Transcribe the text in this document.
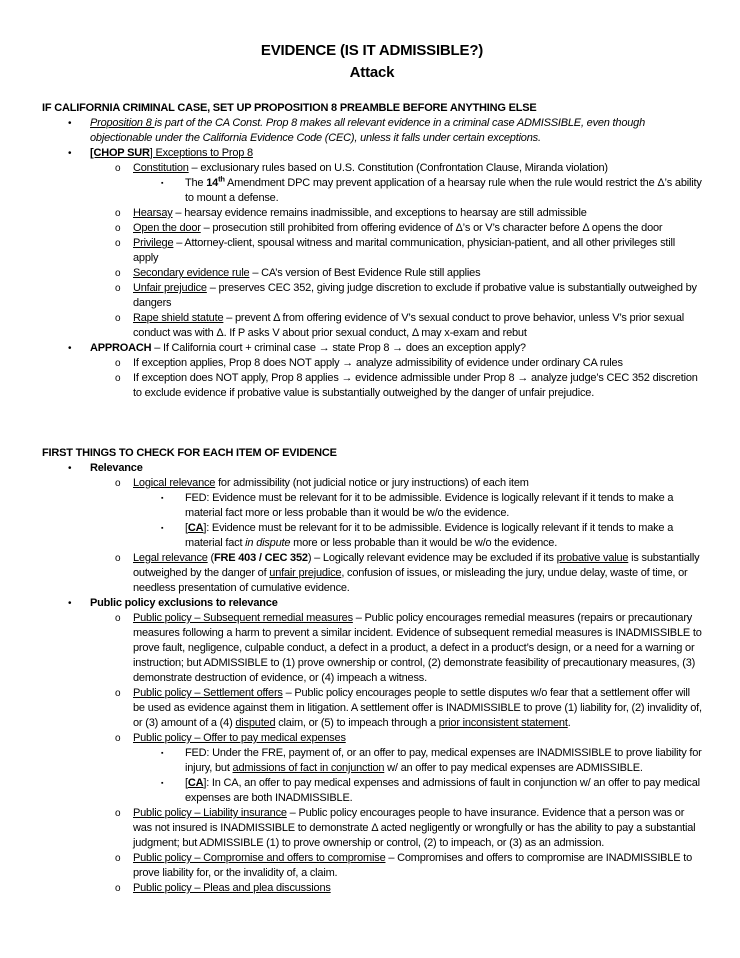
EVIDENCE (IS IT ADMISSIBLE?)
Attack
IF CALIFORNIA CRIMINAL CASE, SET UP PROPOSITION 8 PREAMBLE BEFORE ANYTHING ELSE
•	Proposition 8 is part of the CA Const. Prop 8 makes all relevant evidence in a criminal case ADMISSIBLE, even though objectionable under the California Evidence Code (CEC), unless it falls under certain exceptions.
•	[CHOP SUR] Exceptions to Prop 8
o	Constitution – exclusionary rules based on U.S. Constitution (Confrontation Clause, Miranda violation)
▪	The 14th Amendment DPC may prevent application of a hearsay rule when the rule would restrict the Δ’s ability to mount a defense.
o	Hearsay – hearsay evidence remains inadmissible, and exceptions to hearsay are still admissible
o	Open the door – prosecution still prohibited from offering evidence of Δ’s or V’s character before Δ opens the door
o	Privilege – Attorney-client, spousal witness and marital communication, physician-patient, and all other privileges still apply
o	Secondary evidence rule – CA’s version of Best Evidence Rule still applies
o	Unfair prejudice – preserves CEC 352, giving judge discretion to exclude if probative value is substantially outweighed by dangers
o	Rape shield statute – prevent Δ from offering evidence of V’s sexual conduct to prove behavior, unless V’s prior sexual conduct was with Δ. If P asks V about prior sexual conduct, Δ may x-exam and rebut
•	APPROACH – If California court + criminal case → state Prop 8 → does an exception apply?
o	If exception applies, Prop 8 does NOT apply → analyze admissibility of evidence under ordinary CA rules
o	If exception does NOT apply, Prop 8 applies → evidence admissible under Prop 8 → analyze judge’s CEC 352 discretion to exclude evidence if probative value is substantially outweighed by the danger of unfair prejudice.
FIRST THINGS TO CHECK FOR EACH ITEM OF EVIDENCE
•	Relevance
o	Logical relevance for admissibility (not judicial notice or jury instructions) of each item
▪	FED: Evidence must be relevant for it to be admissible. Evidence is logically relevant if it tends to make a material fact more or less probable than it would be w/o the evidence.
▪	[CA]: Evidence must be relevant for it to be admissible. Evidence is logically relevant if it tends to make a material fact in dispute more or less probable than it would be w/o the evidence.
o	Legal relevance (FRE 403 / CEC 352) – Logically relevant evidence may be excluded if its probative value is substantially outweighed by the danger of unfair prejudice, confusion of issues, or misleading the jury, undue delay, waste of time, or needless presentation of cumulative evidence.
•	Public policy exclusions to relevance
o	Public policy – Subsequent remedial measures – Public policy encourages remedial measures (repairs or precautionary measures following a harm to prevent a similar incident. Evidence of subsequent remedial measures is INADMISSIBLE to prove fault, negligence, culpable conduct, a defect in a product, a defect in a product’s design, or a need for a warning or instruction; but ADMISSIBLE to (1) prove ownership or control, (2) demonstrate feasibility of precautionary measures, (3) demonstrate destruction of evidence, or (4) impeach a witness.
o	Public policy – Settlement offers – Public policy encourages people to settle disputes w/o fear that a settlement offer will be used as evidence against them in litigation. A settlement offer is INADMISSIBLE to prove (1) liability for, (2) invalidity of, or (3) amount of a (4) disputed claim, or (5) to impeach through a prior inconsistent statement.
o	Public policy – Offer to pay medical expenses
▪	FED: Under the FRE, payment of, or an offer to pay, medical expenses are INADMISSIBLE to prove liability for injury, but admissions of fact in conjunction w/ an offer to pay medical expenses are ADMISSIBLE.
▪	[CA]: In CA, an offer to pay medical expenses and admissions of fault in conjunction w/ an offer to pay medical expenses are both INADMISSIBLE.
o	Public policy – Liability insurance – Public policy encourages people to have insurance. Evidence that a person was or was not insured is INADMISSIBLE to demonstrate Δ acted negligently or wrongfully or has the ability to pay a substantial judgment; but ADMISSIBLE (1) to prove ownership or control, (2) to impeach, or (3) as an admission.
o	Public policy – Compromise and offers to compromise – Compromises and offers to compromise are INADMISSIBLE to prove liability for, or the invalidity of, a claim.
o	Public policy – Pleas and plea discussions
